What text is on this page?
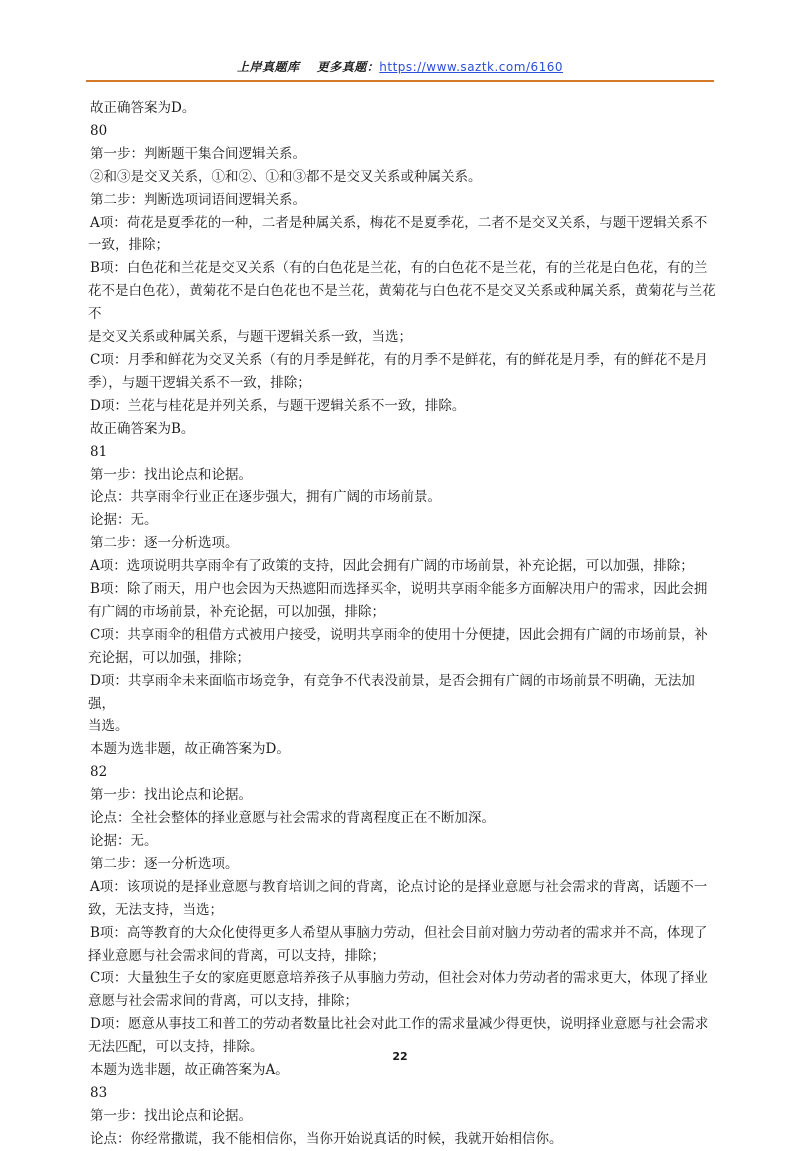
上岸真题库 更多真题：https://www.saztk.com/6160

故正确答案为D。

80

第一步：判断题干集合间逻辑关系。

②和③是交叉关系，①和②、①和③都不是交叉关系或种属关系。

第二步：判断选项词语间逻辑关系。

A项：荷花是夏季花的一种，二者是种属关系，梅花不是夏季花，二者不是交叉关系，与题干逻辑关系不

一致，排除；

B项：白色花和兰花是交叉关系（有的白色花是兰花，有的白色花不是兰花，有的兰花是白色花，有的兰

花不是白色花），黄菊花不是白色花也不是兰花，黄菊花与白色花不是交叉关系或种属关系，黄菊花与兰花不

是交叉关系或种属关系，与题干逻辑关系一致，当选；

C项：月季和鲜花为交叉关系（有的月季是鲜花，有的月季不是鲜花，有的鲜花是月季，有的鲜花不是月

季），与题干逻辑关系不一致，排除；

D项：兰花与桂花是并列关系，与题干逻辑关系不一致，排除。

故正确答案为B。

81

第一步：找出论点和论据。

论点：共享雨伞行业正在逐步强大，拥有广阔的市场前景。

论据：无。

第二步：逐一分析选项。

A项：选项说明共享雨伞有了政策的支持，因此会拥有广阔的市场前景，补充论据，可以加强，排除；

B项：除了雨天，用户也会因为天热遮阳而选择买伞，说明共享雨伞能多方面解决用户的需求，因此会拥

有广阔的市场前景，补充论据，可以加强，排除；

C项：共享雨伞的租借方式被用户接受，说明共享雨伞的使用十分便捷，因此会拥有广阔的市场前景，补

充论据，可以加强，排除；

D项：共享雨伞未来面临市场竞争，有竞争不代表没前景，是否会拥有广阔的市场前景不明确，无法加强，

当选。

本题为选非题，故正确答案为D。

82

第一步：找出论点和论据。

论点：全社会整体的择业意愿与社会需求的背离程度正在不断加深。

论据：无。

第二步：逐一分析选项。

A项：该项说的是择业意愿与教育培训之间的背离，论点讨论的是择业意愿与社会需求的背离，话题不一

致，无法支持，当选；

B项：高等教育的大众化使得更多人希望从事脑力劳动，但社会目前对脑力劳动者的需求并不高，体现了

择业意愿与社会需求间的背离，可以支持，排除；

C项：大量独生子女的家庭更愿意培养孩子从事脑力劳动，但社会对体力劳动者的需求更大，体现了择业

意愿与社会需求间的背离，可以支持，排除；

D项：愿意从事技工和普工的劳动者数量比社会对此工作的需求量减少得更快，说明择业意愿与社会需求

无法匹配，可以支持，排除。

本题为选非题，故正确答案为A。

83

第一步：找出论点和论据。

论点：你经常撒谎，我不能相信你，当你开始说真话的时候，我就开始相信你。

22
